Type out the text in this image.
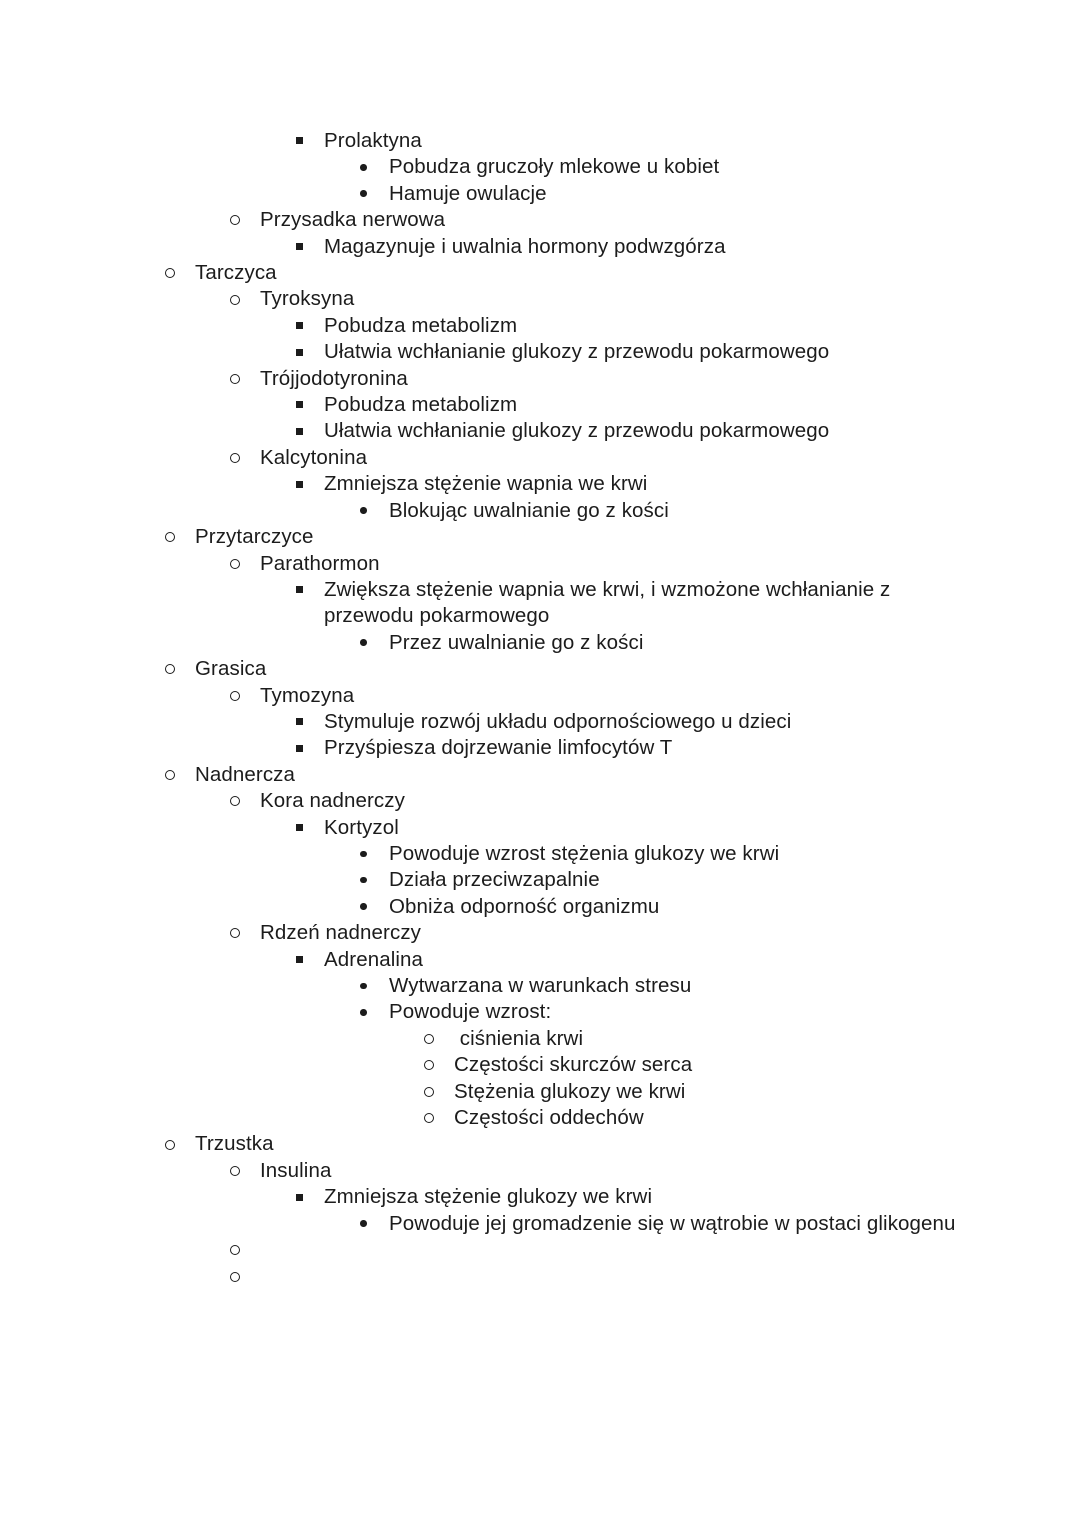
Prolaktyna
Pobudza gruczoły mlekowe u kobiet
Hamuje owulacje
Przysadka nerwowa
Magazynuje i uwalnia hormony podwzgórza
Tarczyca
Tyroksyna
Pobudza metabolizm
Ułatwia wchłanianie glukozy z przewodu pokarmowego
Trójjodotyronina
Pobudza metabolizm
Ułatwia wchłanianie glukozy z przewodu pokarmowego
Kalcytonina
Zmniejsza stężenie wapnia we krwi
Blokując uwalnianie go z kości
Przytarczyce
Parathormon
Zwiększa stężenie wapnia we krwi, i wzmożone wchłanianie z przewodu pokarmowego
Przez uwalnianie go z kości
Grasica
Tymozyna
Stymuluje rozwój układu odpornościowego u dzieci
Przyśpiesza dojrzewanie limfocytów T
Nadnercza
Kora nadnerczy
Kortyzol
Powoduje wzrost stężenia glukozy we krwi
Działa przeciwzapalnie
Obniża odporność organizmu
Rdzeń nadnerczy
Adrenalina
Wytwarzana w warunkach stresu
Powoduje wzrost:
ciśnienia krwi
Częstości skurczów serca
Stężenia glukozy we krwi
Częstości oddechów
Trzustka
Insulina
Zmniejsza stężenie glukozy we krwi
Powoduje jej gromadzenie się w wątrobie w postaci glikogenu
